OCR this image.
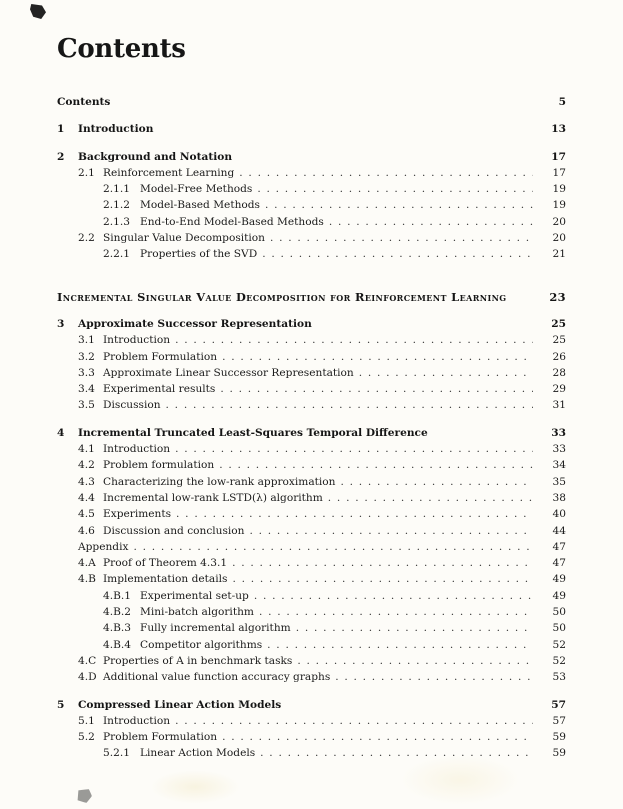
Contents
Contents	5
1	Introduction	13
2	Background and Notation	17
2.1 Reinforcement Learning . . .	17
2.1.1 Model-Free Methods . . .	19
2.1.2 Model-Based Methods . . .	19
2.1.3 End-to-End Model-Based Methods . . .	20
2.2 Singular Value Decomposition . . .	20
2.2.1 Properties of the SVD . . .	21
Incremental Singular Value Decomposition for Reinforcement Learning	23
3	Approximate Successor Representation	25
3.1 Introduction . . .	25
3.2 Problem Formulation . . .	26
3.3 Approximate Linear Successor Representation . . .	28
3.4 Experimental results . . .	29
3.5 Discussion . . .	31
4	Incremental Truncated Least-Squares Temporal Difference	33
4.1 Introduction . . .	33
4.2 Problem formulation . . .	34
4.3 Characterizing the low-rank approximation . . .	35
4.4 Incremental low-rank LSTD(λ) algorithm . . .	38
4.5 Experiments . . .	40
4.6 Discussion and conclusion . . .	44
Appendix . . .	47
4.A Proof of Theorem 4.3.1 . . .	47
4.B Implementation details . . .	49
4.B.1 Experimental set-up . . .	49
4.B.2 Mini-batch algorithm . . .	50
4.B.3 Fully incremental algorithm . . .	50
4.B.4 Competitor algorithms . . .	52
4.C Properties of A in benchmark tasks . . .	52
4.D Additional value function accuracy graphs . . .	53
5	Compressed Linear Action Models	57
5.1 Introduction . . .	57
5.2 Problem Formulation . . .	59
5.2.1 Linear Action Models . . .	59
